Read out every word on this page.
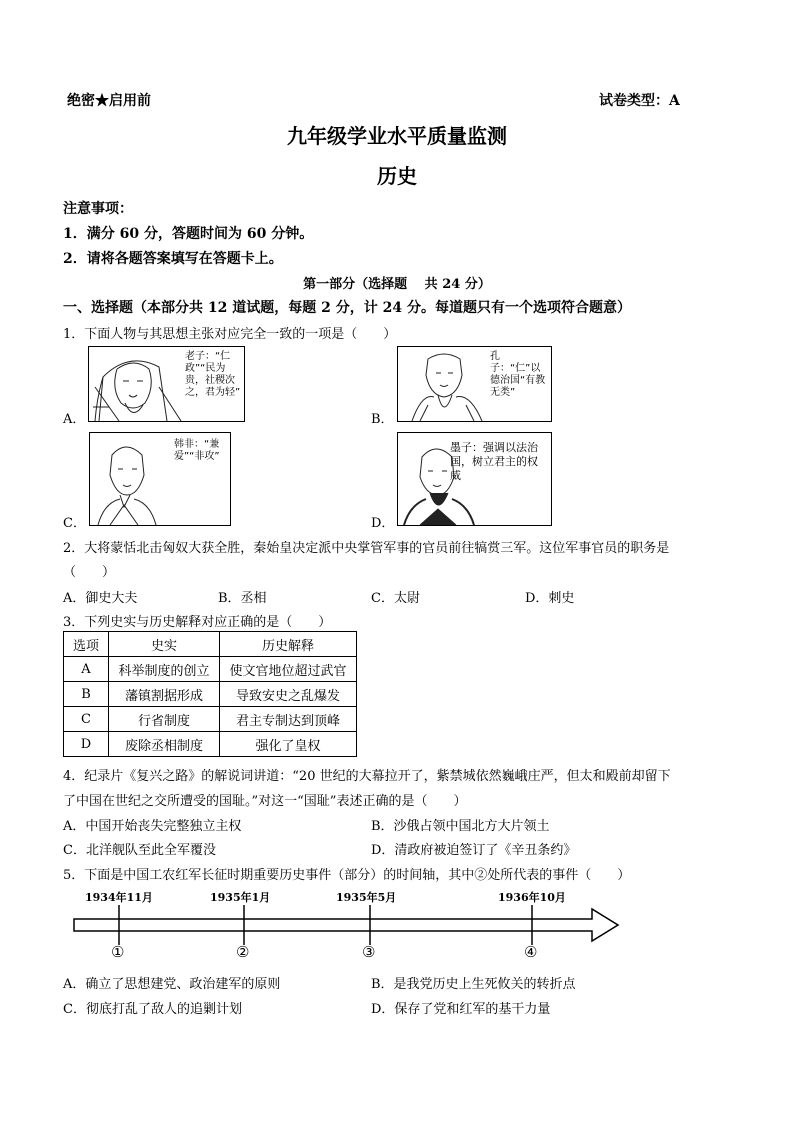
绝密★启用前	试卷类型：A
九年级学业水平质量监测
历史
注意事项：
1．满分 60 分，答题时间为 60 分钟。
2．请将各题答案填写在答题卡上。
第一部分（选择题　 共 24 分）
一、选择题（本部分共 12 道试题，每题 2 分，计 24 分。每道题只有一个选项符合题意）
1．下面人物与其思想主张对应完全一致的一项是（　　）
A．
老子：“仁政”“民为贵，社稷次之，君为轻”
B．
孔子：“仁”以德治国“有教无类”
C．
韩非：“兼爱”“非攻”
D．
墨子：强调以法治国，树立君主的权威
2．大将蒙恬北击匈奴大获全胜，秦始皇决定派中央掌管军事的官员前往犒赏三军。这位军事官员的职务是
（　　）
A．御史大夫	B．丞相	C．太尉	D．刺史
3．下列史实与历史解释对应正确的是（　　）
选项	史实	历史解释
A	科举制度的创立	使文官地位超过武官
B	藩镇割据形成	导致安史之乱爆发
C	行省制度	君主专制达到顶峰
D	废除丞相制度	强化了皇权
4．纪录片《复兴之路》的解说词讲道：“20 世纪的大幕拉开了，紫禁城依然巍峨庄严，但太和殿前却留下
了中国在世纪之交所遭受的国耻。”对这一“国耻”表述正确的是（　　）
A．中国开始丧失完整独立主权	B．沙俄占领中国北方大片领土
C．北洋舰队至此全军覆没	D．清政府被迫签订了《辛丑条约》
5．下面是中国工农红军长征时期重要历史事件（部分）的时间轴，其中②处所代表的事件（　　）
1934年11月	1935年1月	1935年5月	1936年10月
①	②	③	④
A．确立了思想建党、政治建军的原则	B．是我党历史上生死攸关的转折点
C．彻底打乱了敌人的追剿计划	D．保存了党和红军的基干力量
